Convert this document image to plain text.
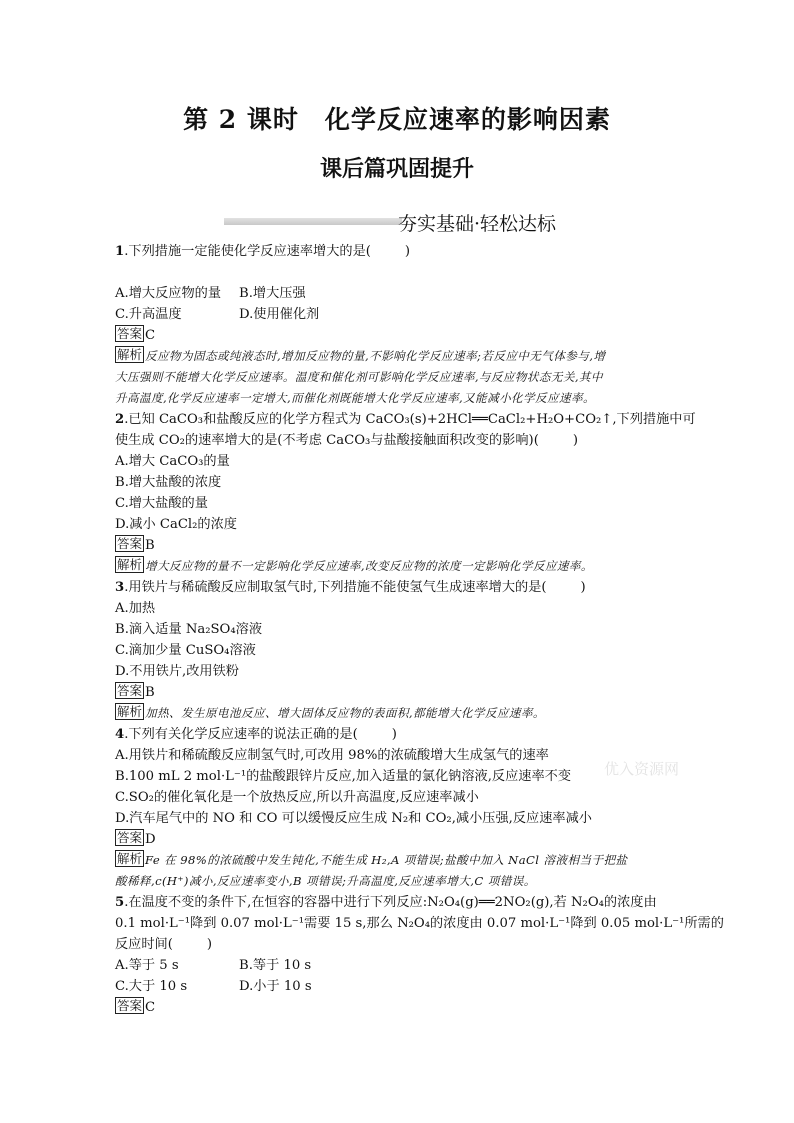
第 2 课时　化学反应速率的影响因素
课后篇巩固提升
夯实基础·轻松达标
1.下列措施一定能使化学反应速率增大的是(	)
A.增大反应物的量	B.增大压强
C.升高温度	D.使用催化剂
答案 C
解析 反应物为固态或纯液态时,增加反应物的量,不影响化学反应速率;若反应中无气体参与,增
大压强则不能增大化学反应速率。温度和催化剂可影响化学反应速率,与反应物状态无关,其中
升高温度,化学反应速率一定增大,而催化剂既能增大化学反应速率,又能减小化学反应速率。
2.已知 CaCO₃和盐酸反应的化学方程式为 CaCO₃(s)+2HCl══CaCl₂+H₂O+CO₂↑,下列措施中可
使生成 CO₂的速率增大的是(不考虑 CaCO₃与盐酸接触面积改变的影响)(	)
A.增大 CaCO₃的量
B.增大盐酸的浓度
C.增大盐酸的量
D.减小 CaCl₂的浓度
答案 B
解析 增大反应物的量不一定影响化学反应速率,改变反应物的浓度一定影响化学反应速率。
3.用铁片与稀硫酸反应制取氢气时,下列措施不能使氢气生成速率增大的是(	)
A.加热
B.滴入适量 Na₂SO₄溶液
C.滴加少量 CuSO₄溶液
D.不用铁片,改用铁粉
答案 B
解析 加热、发生原电池反应、增大固体反应物的表面积,都能增大化学反应速率。
4.下列有关化学反应速率的说法正确的是(	)
A.用铁片和稀硫酸反应制氢气时,可改用 98%的浓硫酸增大生成氢气的速率
B.100 mL 2 mol·L⁻¹的盐酸跟锌片反应,加入适量的氯化钠溶液,反应速率不变
C.SO₂的催化氧化是一个放热反应,所以升高温度,反应速率减小
D.汽车尾气中的 NO 和 CO 可以缓慢反应生成 N₂和 CO₂,减小压强,反应速率减小
答案 D
解析 Fe 在 98%的浓硫酸中发生钝化,不能生成 H₂,A 项错误;盐酸中加入 NaCl 溶液相当于把盐
酸稀释,c(H⁺)减小,反应速率变小,B 项错误;升高温度,反应速率增大,C 项错误。
5.在温度不变的条件下,在恒容的容器中进行下列反应:N₂O₄(g)══2NO₂(g),若 N₂O₄的浓度由
0.1 mol·L⁻¹降到 0.07 mol·L⁻¹需要 15 s,那么 N₂O₄的浓度由 0.07 mol·L⁻¹降到 0.05 mol·L⁻¹所需的
反应时间(	)
A.等于 5 s	B.等于 10 s
C.大于 10 s	D.小于 10 s
答案 C
优入资源网
